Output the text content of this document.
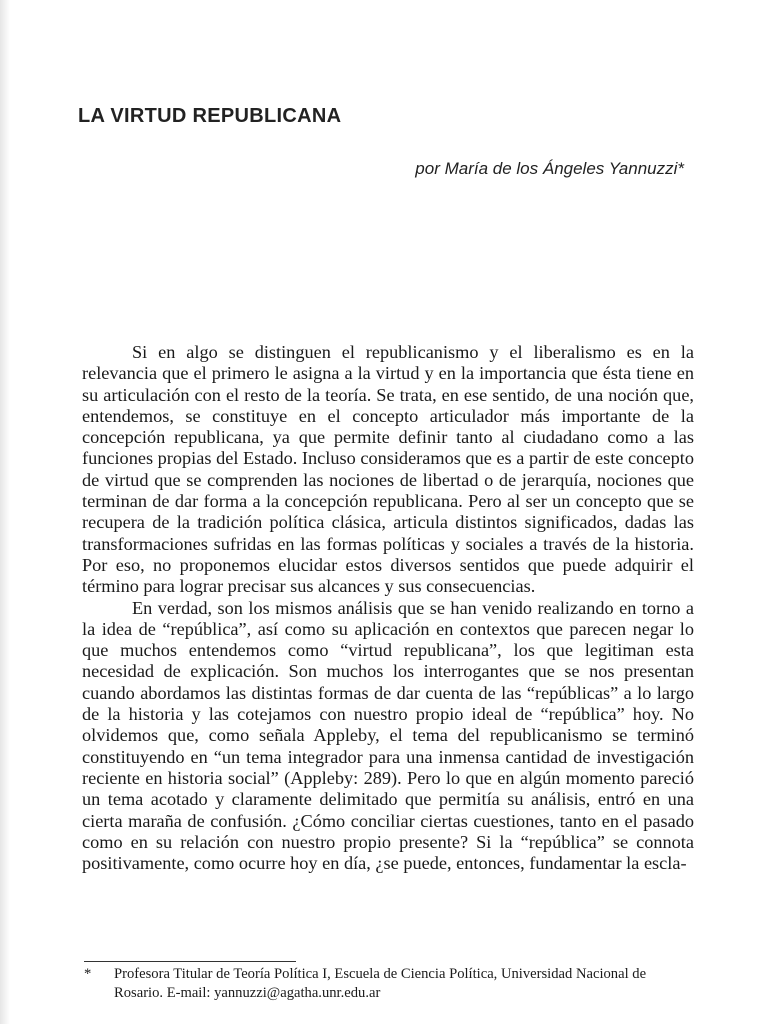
LA VIRTUD REPUBLICANA
por María de los Ángeles Yannuzzi*

Si en algo se distinguen el republicanismo y el liberalismo es en la relevancia que el primero le asigna a la virtud y en la importancia que ésta tiene en su articulación con el resto de la teoría. Se trata, en ese sentido, de una noción que, entendemos, se constituye en el concepto articulador más importante de la concepción republicana, ya que permite definir tanto al ciudadano como a las funciones propias del Estado. Incluso consideramos que es a partir de este concepto de virtud que se comprenden las nociones de libertad o de jerarquía, nociones que terminan de dar forma a la concepción republicana. Pero al ser un concepto que se recupera de la tradición política clásica, articula distintos significados, dadas las transformaciones sufridas en las formas políticas y sociales a través de la historia. Por eso, no proponemos elucidar estos diversos sentidos que puede adquirir el término para lograr precisar sus alcances y sus consecuencias.

En verdad, son los mismos análisis que se han venido realizando en torno a la idea de “república”, así como su aplicación en contextos que parecen negar lo que muchos entendemos como “virtud republicana”, los que legitiman esta necesidad de explicación. Son muchos los interrogantes que se nos presentan cuando abordamos las distintas formas de dar cuenta de las “repúblicas” a lo largo de la historia y las cotejamos con nuestro propio ideal de “república” hoy. No olvidemos que, como señala Appleby, el tema del republicanismo se terminó constituyendo en “un tema integrador para una inmensa cantidad de investigación reciente en historia social” (Appleby: 289). Pero lo que en algún momento pareció un tema acotado y claramente delimitado que permitía su análisis, entró en una cierta maraña de confusión. ¿Cómo conciliar ciertas cuestiones, tanto en el pasado como en su relación con nuestro propio presente? Si la “república” se connota positivamente, como ocurre hoy en día, ¿se puede, entonces, fundamentar la escla-

*	Profesora Titular de Teoría Política I, Escuela de Ciencia Política, Universidad Nacional de Rosario. E-mail: yannuzzi@agatha.unr.edu.ar
